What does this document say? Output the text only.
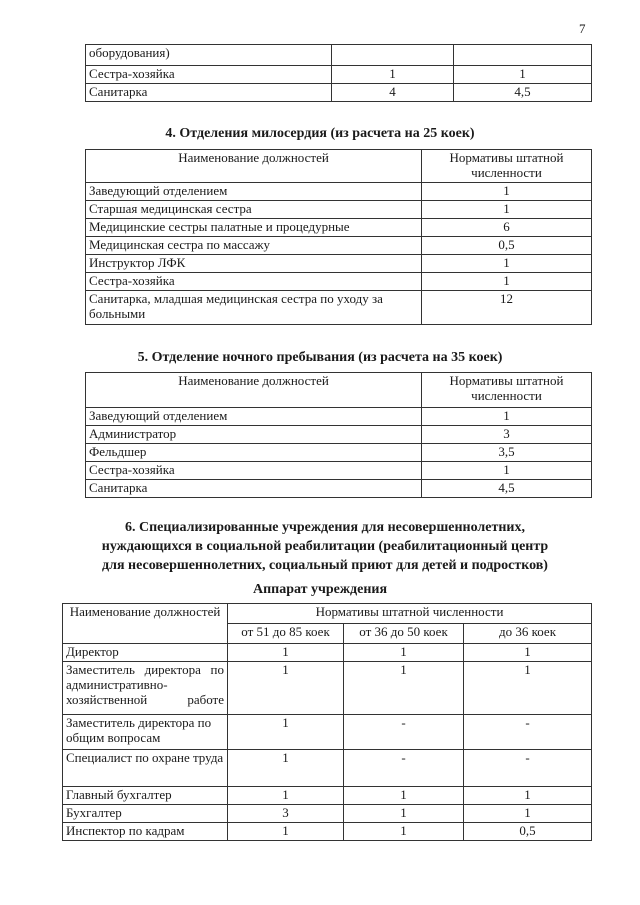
7
оборудования)		
Сестра-хозяйка	1	1
Санитарка	4	4,5
4. Отделения милосердия (из расчета на 25 коек)
Наименование должностей	Нормативы штатной численности
Заведующий отделением	1
Старшая медицинская сестра	1
Медицинские сестры палатные и процедурные	6
Медицинская сестра по массажу	0,5
Инструктор ЛФК	1
Сестра-хозяйка	1
Санитарка, младшая медицинская сестра по уходу за больными	12
5. Отделение ночного пребывания (из расчета на 35 коек)
Наименование должностей	Нормативы штатной численности
Заведующий отделением	1
Администратор	3
Фельдшер	3,5
Сестра-хозяйка	1
Санитарка	4,5
6. Специализированные учреждения для несовершеннолетних,
нуждающихся в социальной реабилитации (реабилитационный центр
для несовершеннолетних, социальный приют для детей и подростков)
Аппарат учреждения
Наименование должностей	Нормативы штатной численности		
	от 51 до 85 коек	от 36 до 50 коек	до 36 коек
Директор	1	1	1
Заместитель директора по административно-хозяйственной работе	1	1	1
Заместитель директора по общим вопросам	1	-	-
Специалист по охране труда	1	-	-
Главный бухгалтер	1	1	1
Бухгалтер	3	1	1
Инспектор по кадрам	1	1	0,5
